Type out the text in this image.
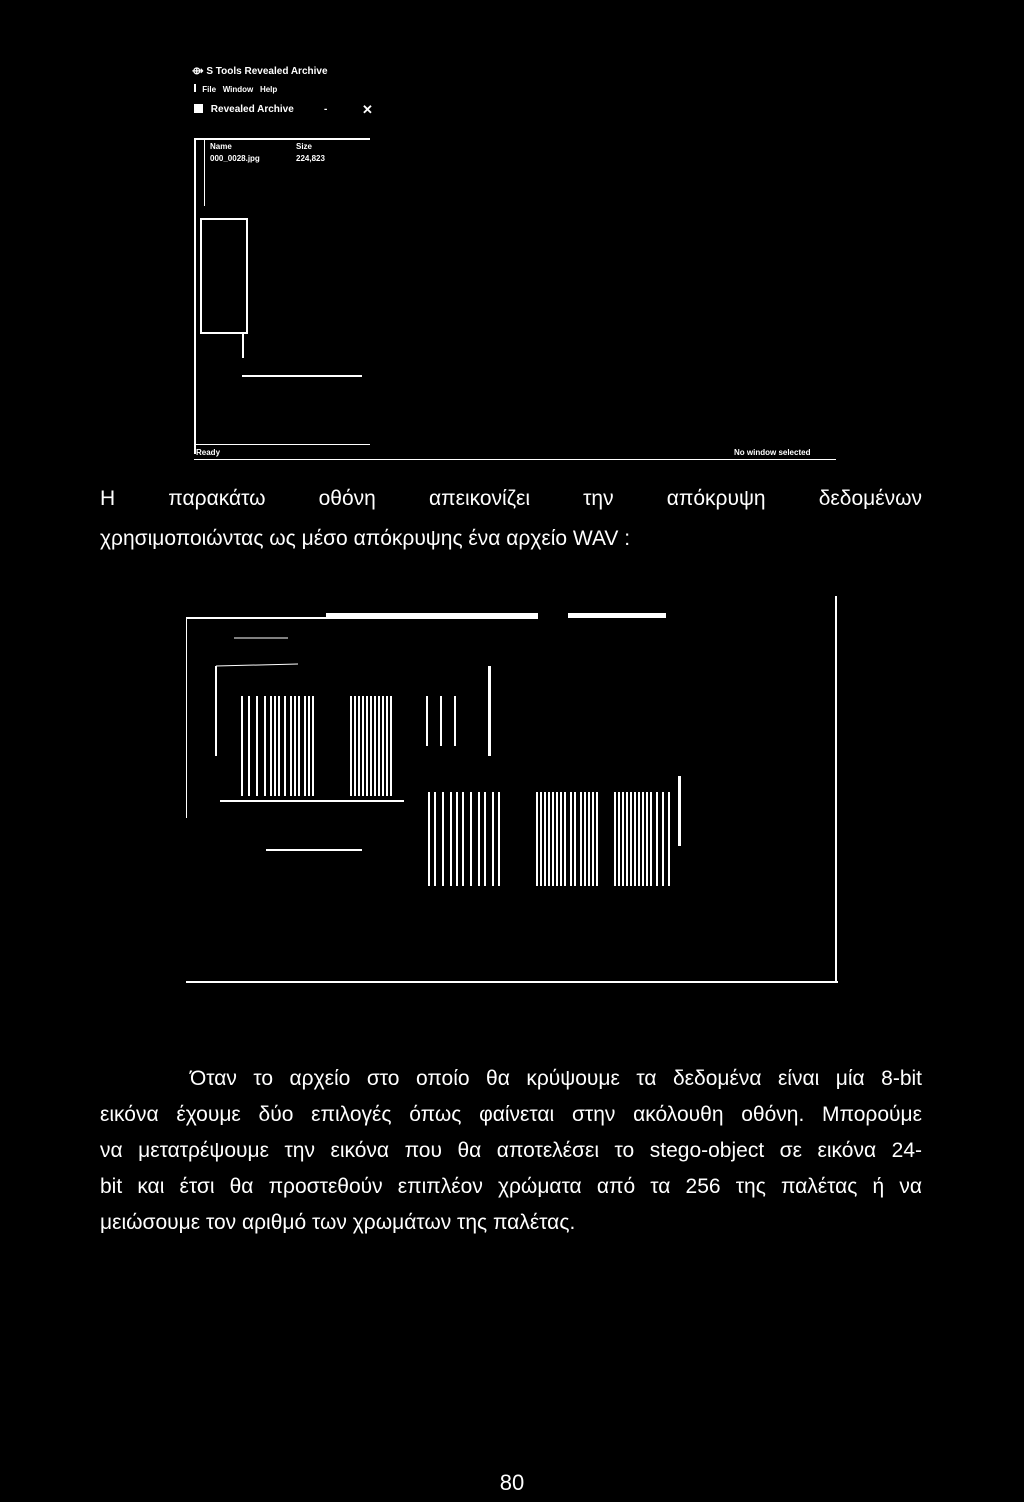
⟴ S Tools Revealed Archive
File Window Help
Revealed Archive	-	✕
Name	Size
000_0028.jpg	224,823
Ready	No window selected
Η παρακάτω οθόνη απεικονίζει την απόκρυψη δεδομένων
χρησιμοποιώντας ως μέσο απόκρυψης ένα αρχείο WAV :
Όταν το αρχείο στο οποίο θα κρύψουμε τα δεδομένα είναι μία 8-bit
εικόνα έχουμε δύο επιλογές όπως φαίνεται στην ακόλουθη οθόνη. Μπορούμε
να μετατρέψουμε την εικόνα που θα αποτελέσει το stego-object σε εικόνα 24-
bit και έτσι θα προστεθούν επιπλέον χρώματα από τα 256 της παλέτας ή να
μειώσουμε τον αριθμό των χρωμάτων της παλέτας.
80
